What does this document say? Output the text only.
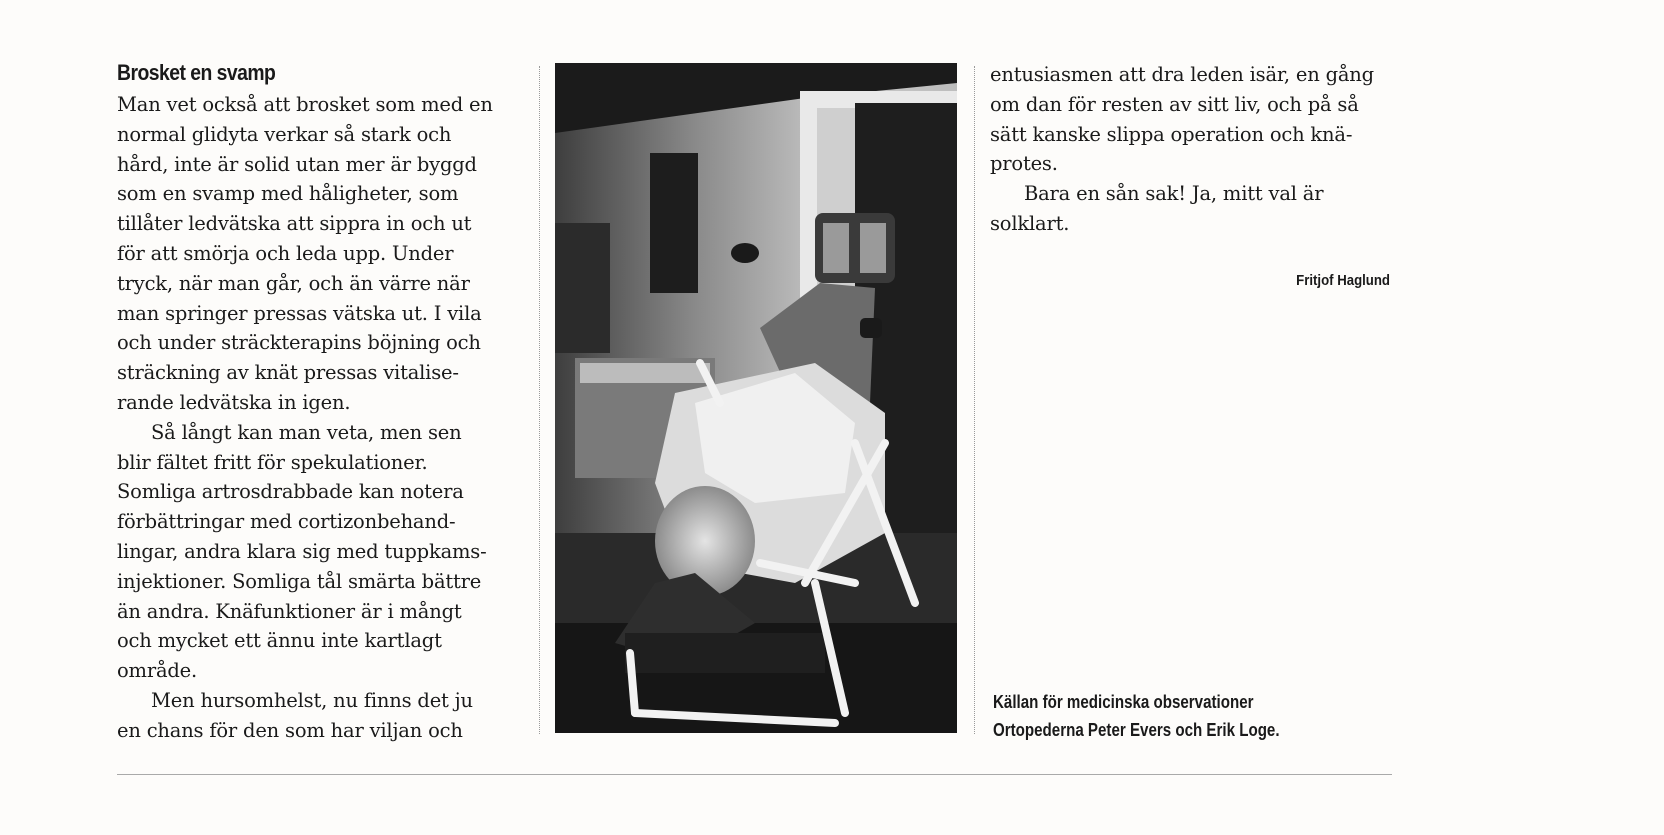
Brosket en svamp

Man vet också att brosket som med en
normal glidyta verkar så stark och
hård, inte är solid utan mer är byggd
som en svamp med håligheter, som
tillåter ledvätska att sippra in och ut
för att smörja och leda upp. Under
tryck, när man går, och än värre när
man springer pressas vätska ut. I vila
och under sträckterapins böjning och
sträckning av knät pressas vitalise-
rande ledvätska in igen.

Så långt kan man veta, men sen
blir fältet fritt för spekulationer.
Somliga artrosdrabbade kan notera
förbättringar med cortizonbehand-
lingar, andra klara sig med tuppkams-
injektioner. Somliga tål smärta bättre
än andra. Knäfunktioner är i mångt
och mycket ett ännu inte kartlagt
område.

Men hursomhelst, nu finns det ju
en chans för den som har viljan och

entusiasmen att dra leden isär, en gång
om dan för resten av sitt liv, och på så
sätt kanske slippa operation och knä-
protes.

Bara en sån sak! Ja, mitt val är
solklart.

Fritjof Haglund
Källan för medicinska observationer
Ortopederna Peter Evers och Erik Loge.
